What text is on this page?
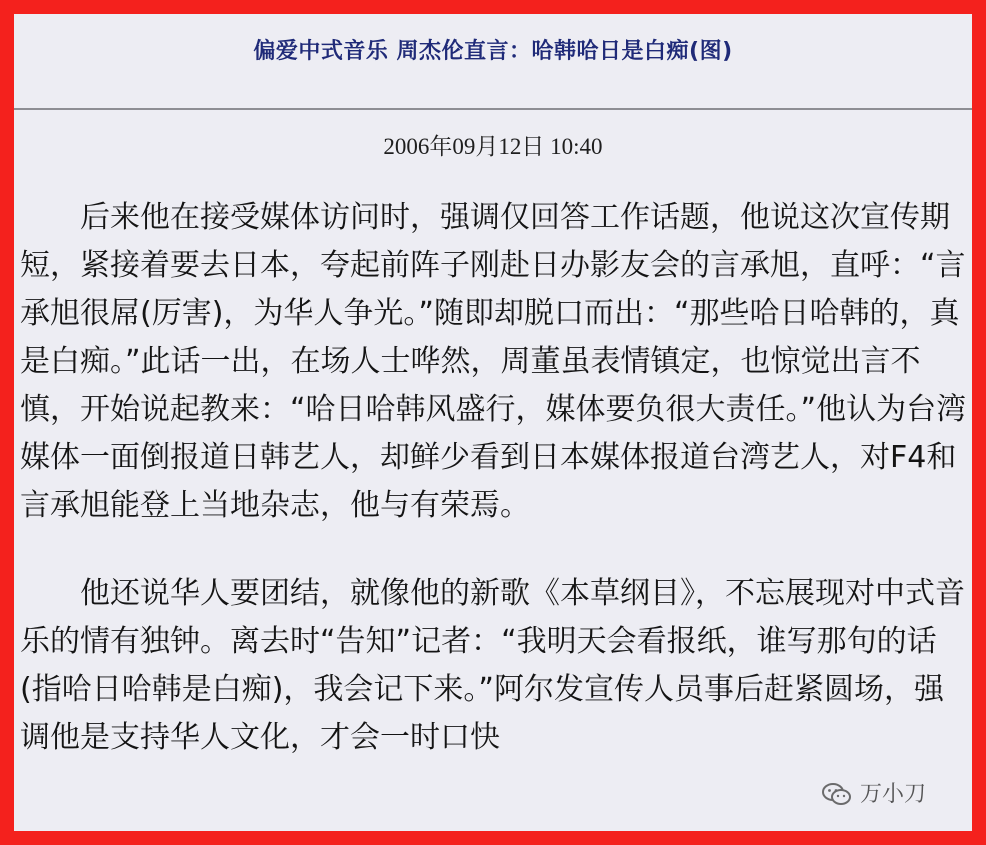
偏爱中式音乐 周杰伦直言：哈韩哈日是白痴(图)
2006年09月12日 10:40

后来他在接受媒体访问时，强调仅回答工作话题，他说这次宣传期短，紧接着要去日本，夸起前阵子刚赴日办影友会的言承旭，直呼：“言承旭很屌(厉害)，为华人争光。”随即却脱口而出：“那些哈日哈韩的，真是白痴。”此话一出，在场人士哗然，周董虽表情镇定，也惊觉出言不慎，开始说起教来：“哈日哈韩风盛行，媒体要负很大责任。”他认为台湾媒体一面倒报道日韩艺人，却鲜少看到日本媒体报道台湾艺人，对F4和言承旭能登上当地杂志，他与有荣焉。

他还说华人要团结，就像他的新歌《本草纲目》，不忘展现对中式音乐的情有独钟。离去时“告知”记者：“我明天会看报纸，谁写那句的话(指哈日哈韩是白痴)，我会记下来。”阿尔发宣传人员事后赶紧圆场，强调他是支持华人文化，才会一时口快

万小刀
